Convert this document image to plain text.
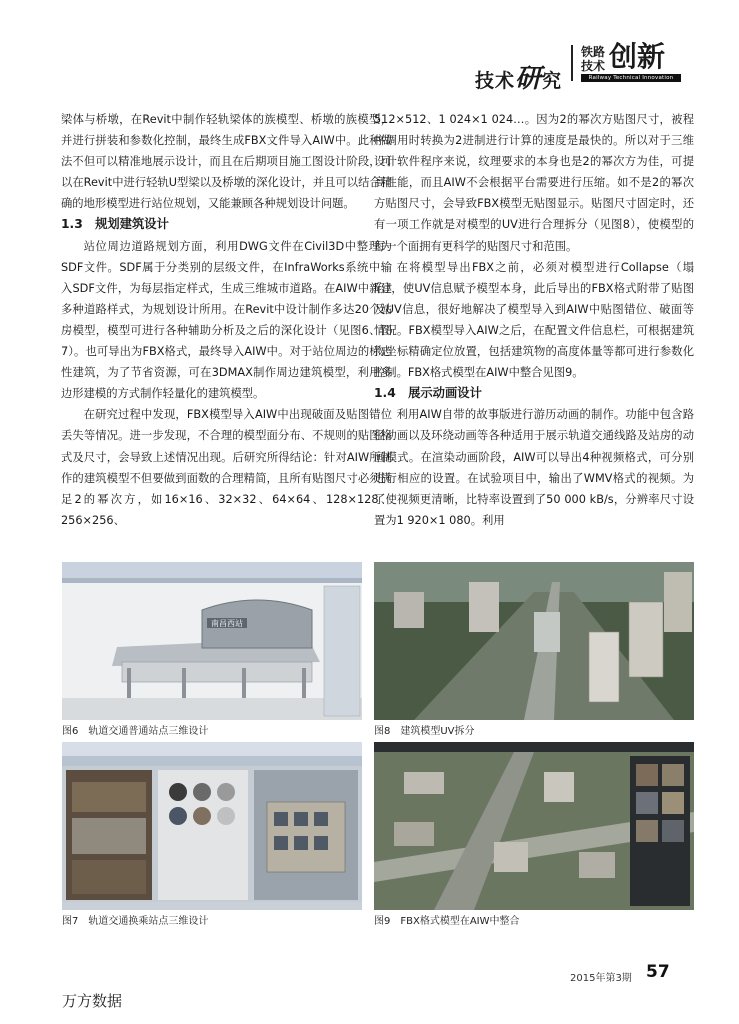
技术研究
铁路
技术 创新
Railway Technical Innovation

梁体与桥墩，在Revit中制作轻轨梁体的族模型、桥墩的族模型，并进行拼装和参数化控制，最终生成FBX文件导入AIW中。此种做法不但可以精准地展示设计，而且在后期项目施工图设计阶段，可以在Revit中进行轻轨U型梁以及桥墩的深化设计，并且可以结合精确的地形模型进行站位规划，又能兼顾各种规划设计问题。

1.3　规划建筑设计

站位周边道路规划方面，利用DWG文件在Civil3D中整理为SDF文件。SDF属于分类别的层级文件，在InfraWorks系统中输入SDF文件，为每层指定样式，生成三维城市道路。在AIW中新建多种道路样式，为规划设计所用。在Revit中设计制作多达20个站房模型，模型可进行各种辅助分析及之后的深化设计（见图6、图7）。也可导出为FBX格式，最终导入AIW中。对于站位周边的标志性建筑，为了节省资源，可在3DMAX制作周边建筑模型，利用多边形建模的方式制作轻量化的建筑模型。

在研究过程中发现，FBX模型导入AIW中出现破面及贴图错位丢失等情况。进一步发现，不合理的模型面分布、不规则的贴图格式及尺寸，会导致上述情况出现。后研究所得结论：针对AIW所制作的建筑模型不但要做到面数的合理精简，且所有贴图尺寸必须满足2的幂次方，如16×16、32×32、64×64、128×128、256×256、

512×512、1 024×1 024…。因为2的幂次方贴图尺寸，被程序调用时转换为2进制进行计算的速度是最快的。所以对于三维设计软件程序来说，纹理要求的本身也是2的幂次方为佳，可提高性能，而且AIW不会根据平台需要进行压缩。如不是2的幂次方贴图尺寸，会导致FBX模型无贴图显示。贴图尺寸固定时，还有一项工作就是对模型的UV进行合理拆分（见图8），使模型的每一个面拥有更科学的贴图尺寸和范围。

在将模型导出FBX之前，必须对模型进行Collapse（塌陷），使UV信息赋予模型本身，此后导出的FBX格式附带了贴图及UV信息，很好地解决了模型导入到AIW中贴图错位、破面等情况。FBX模型导入AIW之后，在配置文件信息栏，可根据建筑物坐标精确定位放置，包括建筑物的高度体量等都可进行参数化控制。FBX格式模型在AIW中整合见图9。

1.4　展示动画设计

利用AIW自带的故事版进行游历动画的制作。功能中包含路径动画以及环绕动画等各种适用于展示轨道交通线路及站房的动画模式。在渲染动画阶段，AIW可以导出4种视频格式，可分别进行相应的设置。在试验项目中，输出了WMV格式的视频。为了使视频更清晰，比特率设置到了50 000 kB/s，分辨率尺寸设置为1 920×1 080。利用

南昌西站
图6　轨道交通普通站点三维设计
图7　轨道交通换乘站点三维设计
图8　建筑模型UV拆分
图9　FBX格式模型在AIW中整合
2015年第3期 57
万方数据
